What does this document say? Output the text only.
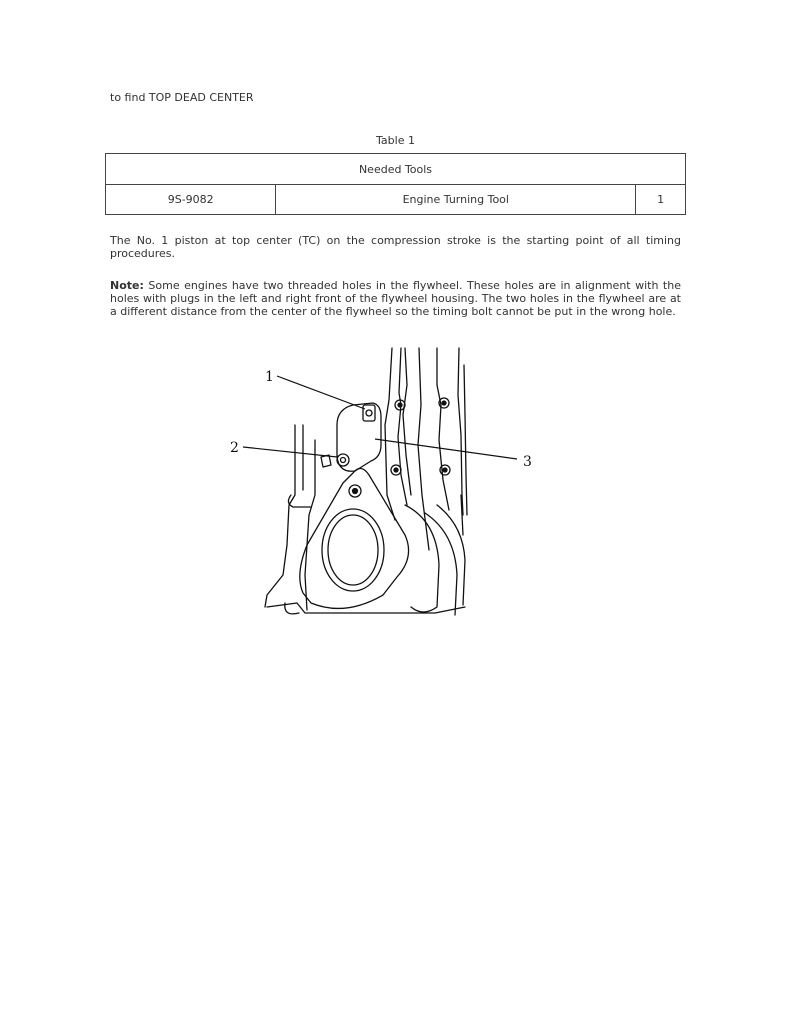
to find TOP DEAD CENTER
Table 1
Needed Tools
9S-9082	Engine Turning Tool	1
The No. 1 piston at top center (TC) on the compression stroke is the starting point of all timing procedures.
Note: Some engines have two threaded holes in the flywheel. These holes are in alignment with the holes with plugs in the left and right front of the flywheel housing. The two holes in the flywheel are at a different distance from the center of the flywheel so the timing bolt cannot be put in the wrong hole.
1
2
3
